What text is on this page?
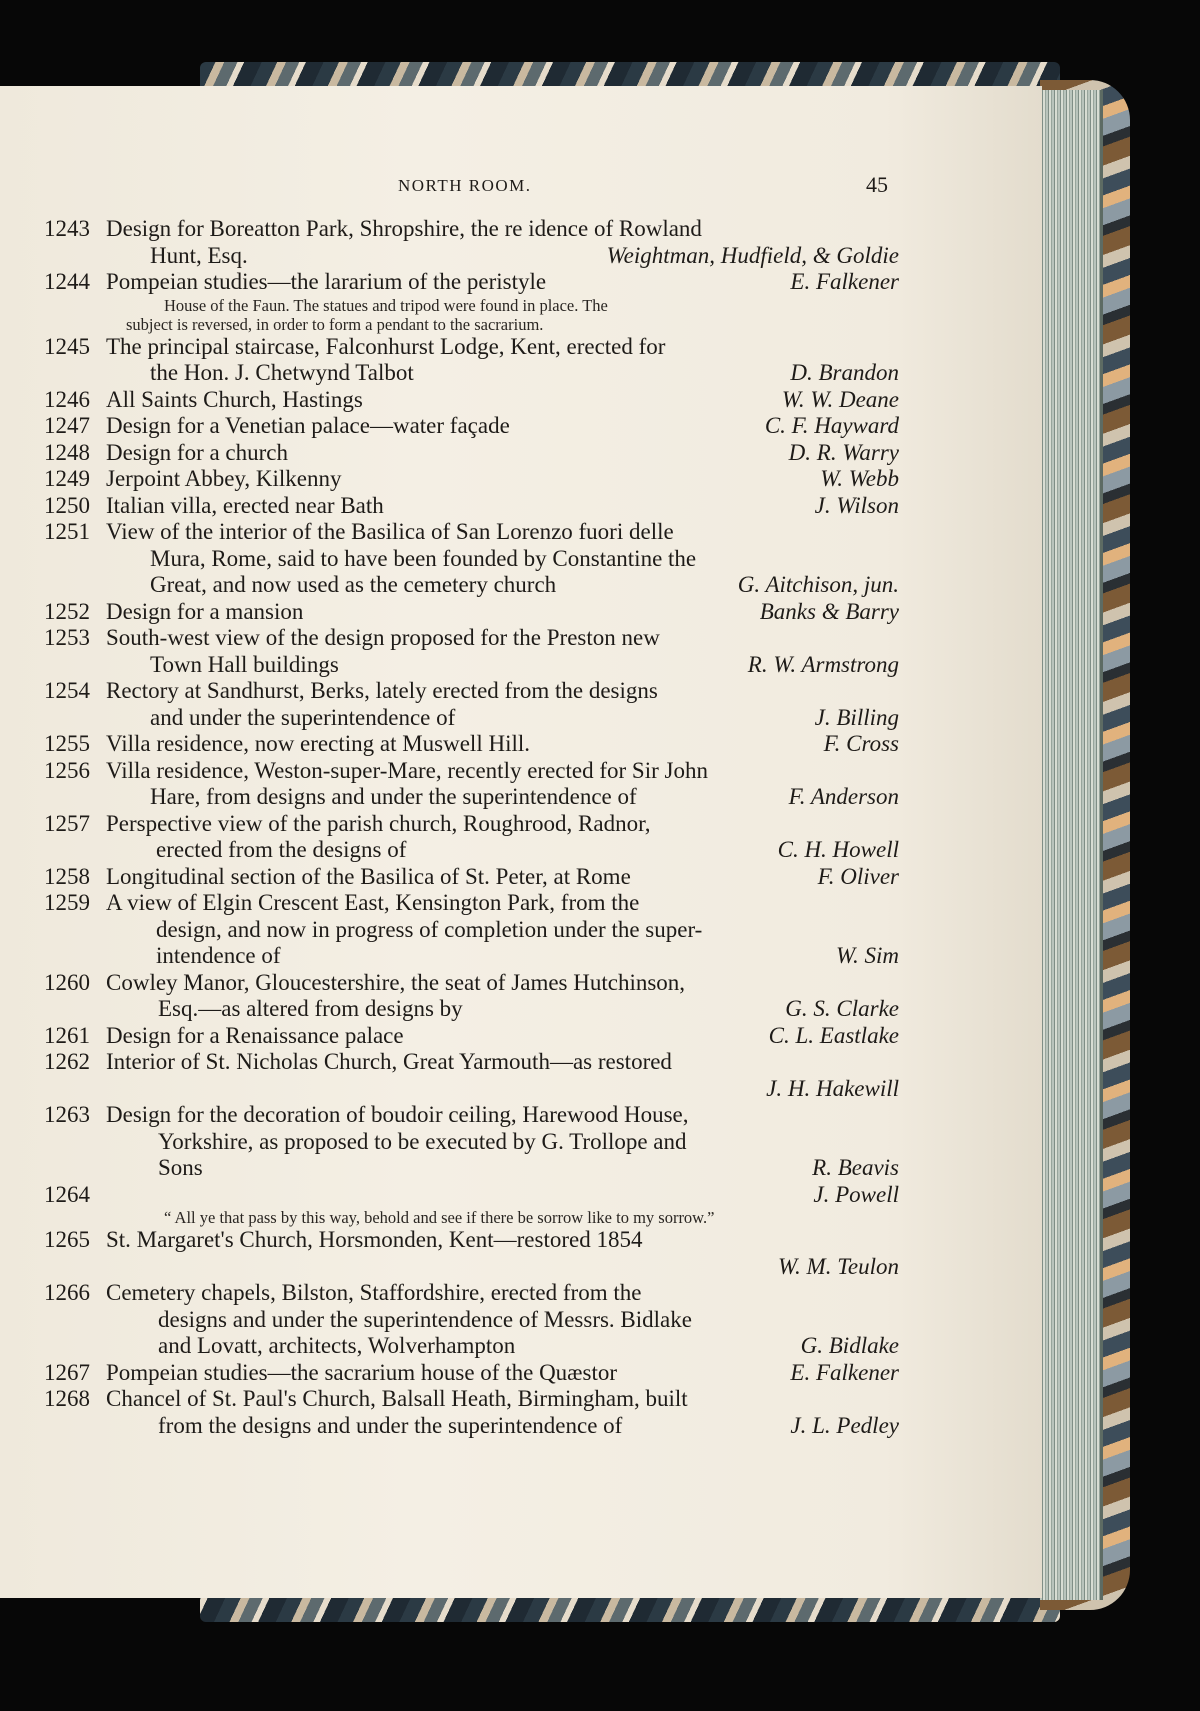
NORTH ROOM.	45
1243 Design for Boreatton Park, Shropshire, the re idence of Rowland
Hunt, Esq.	Weightman, Hudfield, & Goldie
1244 Pompeian studies—the lararium of the peristyle	E. Falkener
House of the Faun. The statues and tripod were found in place. The
subject is reversed, in order to form a pendant to the sacrarium.
1245 The principal staircase, Falconhurst Lodge, Kent, erected for
the Hon. J. Chetwynd Talbot	D. Brandon
1246 All Saints Church, Hastings	W. W. Deane
1247 Design for a Venetian palace—water façade	C. F. Hayward
1248 Design for a church	D. R. Warry
1249 Jerpoint Abbey, Kilkenny	W. Webb
1250 Italian villa, erected near Bath	J. Wilson
1251 View of the interior of the Basilica of San Lorenzo fuori delle
Mura, Rome, said to have been founded by Constantine the
Great, and now used as the cemetery church	G. Aitchison, jun.
1252 Design for a mansion	Banks & Barry
1253 South-west view of the design proposed for the Preston new
Town Hall buildings	R. W. Armstrong
1254 Rectory at Sandhurst, Berks, lately erected from the designs
and under the superintendence of	J. Billing
1255 Villa residence, now erecting at Muswell Hill.	F. Cross
1256 Villa residence, Weston-super-Mare, recently erected for Sir John
Hare, from designs and under the superintendence of	F. Anderson
1257 Perspective view of the parish church, Roughrood, Radnor,
erected from the designs of	C. H. Howell
1258 Longitudinal section of the Basilica of St. Peter, at Rome	F. Oliver
1259 A view of Elgin Crescent East, Kensington Park, from the
design, and now in progress of completion under the super-
intendence of	W. Sim
1260 Cowley Manor, Gloucestershire, the seat of James Hutchinson,
Esq.—as altered from designs by	G. S. Clarke
1261 Design for a Renaissance palace	C. L. Eastlake
1262 Interior of St. Nicholas Church, Great Yarmouth—as restored
J. H. Hakewill
1263 Design for the decoration of boudoir ceiling, Harewood House,
Yorkshire, as proposed to be executed by G. Trollope and
Sons	R. Beavis
1264	J. Powell
“ All ye that pass by this way, behold and see if there be sorrow like to my sorrow.”
1265 St. Margaret's Church, Horsmonden, Kent—restored 1854
W. M. Teulon
1266 Cemetery chapels, Bilston, Staffordshire, erected from the
designs and under the superintendence of Messrs. Bidlake
and Lovatt, architects, Wolverhampton	G. Bidlake
1267 Pompeian studies—the sacrarium house of the Quæstor	E. Falkener
1268 Chancel of St. Paul's Church, Balsall Heath, Birmingham, built
from the designs and under the superintendence of	J. L. Pedley
